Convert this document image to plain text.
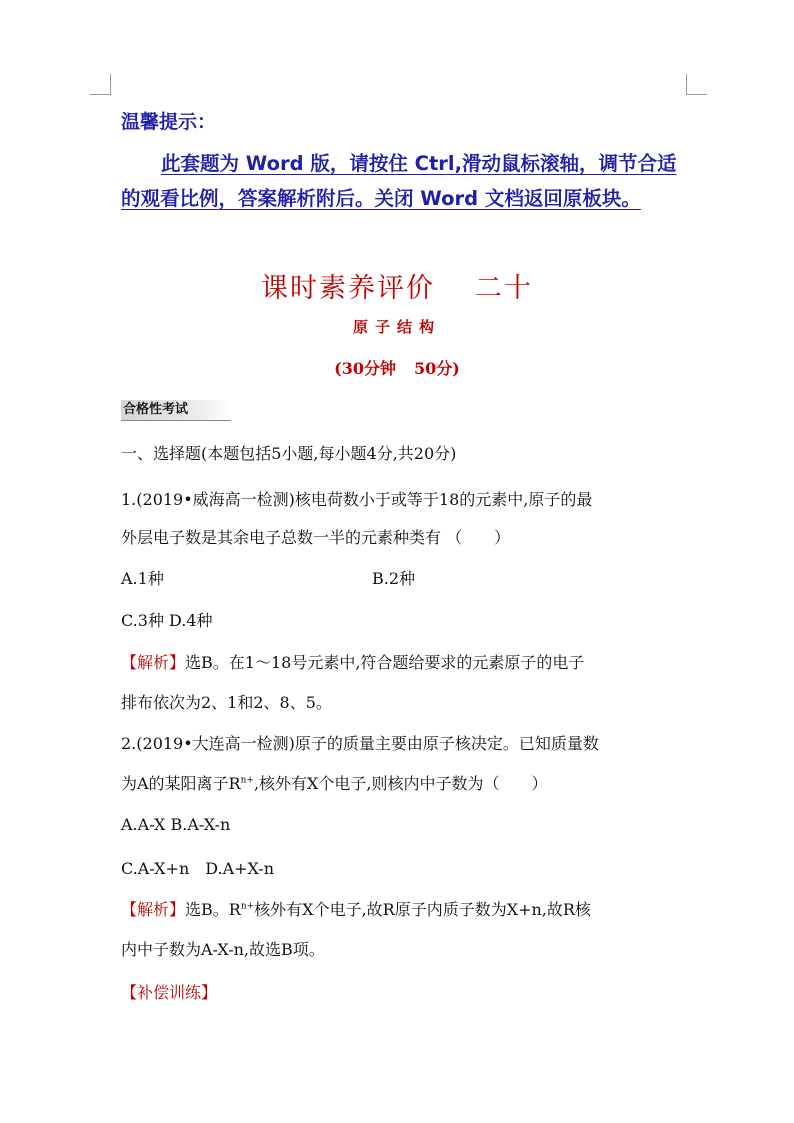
温馨提示：
此套题为 Word 版，请按住 Ctrl,滑动鼠标滚轴，调节合适的观看比例，答案解析附后。关闭 Word 文档返回原板块。
课时素养评价 二十
原子结构
(30分钟 50分)
合格性考试
一、选择题(本题包括5小题,每小题4分,共20分)
1.(2019•威海高一检测)核电荷数小于或等于18的元素中,原子的最
外层电子数是其余电子总数一半的元素种类有 （　　）
A.1种	B.2种
C.3种 D.4种
【解析】选B。在1～18号元素中,符合题给要求的元素原子的电子
排布依次为2、1和2、8、5。
2.(2019•大连高一检测)原子的质量主要由原子核决定。已知质量数
为A的某阳离子$R^{n+}$,核外有X个电子,则核内中子数为（　　）
A.A-X B.A-X-n
C.A-X+n　D.A+X-n
【解析】选B。$R^{n+}$核外有X个电子,故R原子内质子数为X+n,故R核
内中子数为A-X-n,故选B项。
【补偿训练】
